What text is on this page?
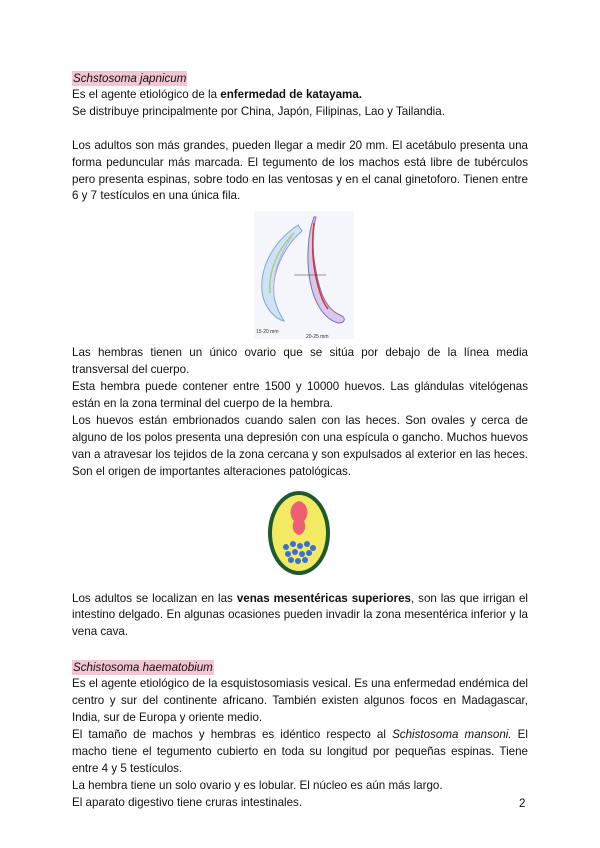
Schstosoma japnicum

Es el agente etiológico de la enfermedad de katayama.

Se distribuye principalmente por China, Japón, Filipinas, Lao y Tailandia.

Los adultos son más grandes, pueden llegar a medir 20 mm. El acetábulo presenta una forma peduncular más marcada. El tegumento de los machos está libre de tubérculos pero presenta espinas, sobre todo en las ventosas y en el canal ginetoforo. Tienen entre 6 y 7 testículos en una única fila.

15-20 mm
20-25 mm

Las hembras tienen un único ovario que se sitúa por debajo de la línea media transversal del cuerpo.

Esta hembra puede contener entre 1500 y 10000 huevos. Las glándulas vitelógenas están en la zona terminal del cuerpo de la hembra.

Los huevos están embrionados cuando salen con las heces. Son ovales y cerca de alguno de los polos presenta una depresión con una espícula o gancho. Muchos huevos van a atravesar los tejidos de la zona cercana y son expulsados al exterior en las heces. Son el origen de importantes alteraciones patológicas.

Los adultos se localizan en las venas mesentéricas superiores, son las que irrigan el intestino delgado. En algunas ocasiones pueden invadir la zona mesentérica inferior y la vena cava.

Schistosoma haematobium

Es el agente etiológico de la esquistosomiasis vesical. Es una enfermedad endémica del centro y sur del continente africano. También existen algunos focos en Madagascar, India, sur de Europa y oriente medio.

El tamaño de machos y hembras es idéntico respecto al Schistosoma mansoni. El macho tiene el tegumento cubierto en toda su longitud por pequeñas espinas. Tiene entre 4 y 5 testículos.

La hembra tiene un solo ovario y es lobular. El núcleo es aún más largo.

El aparato digestivo tiene cruras intestinales.	2
